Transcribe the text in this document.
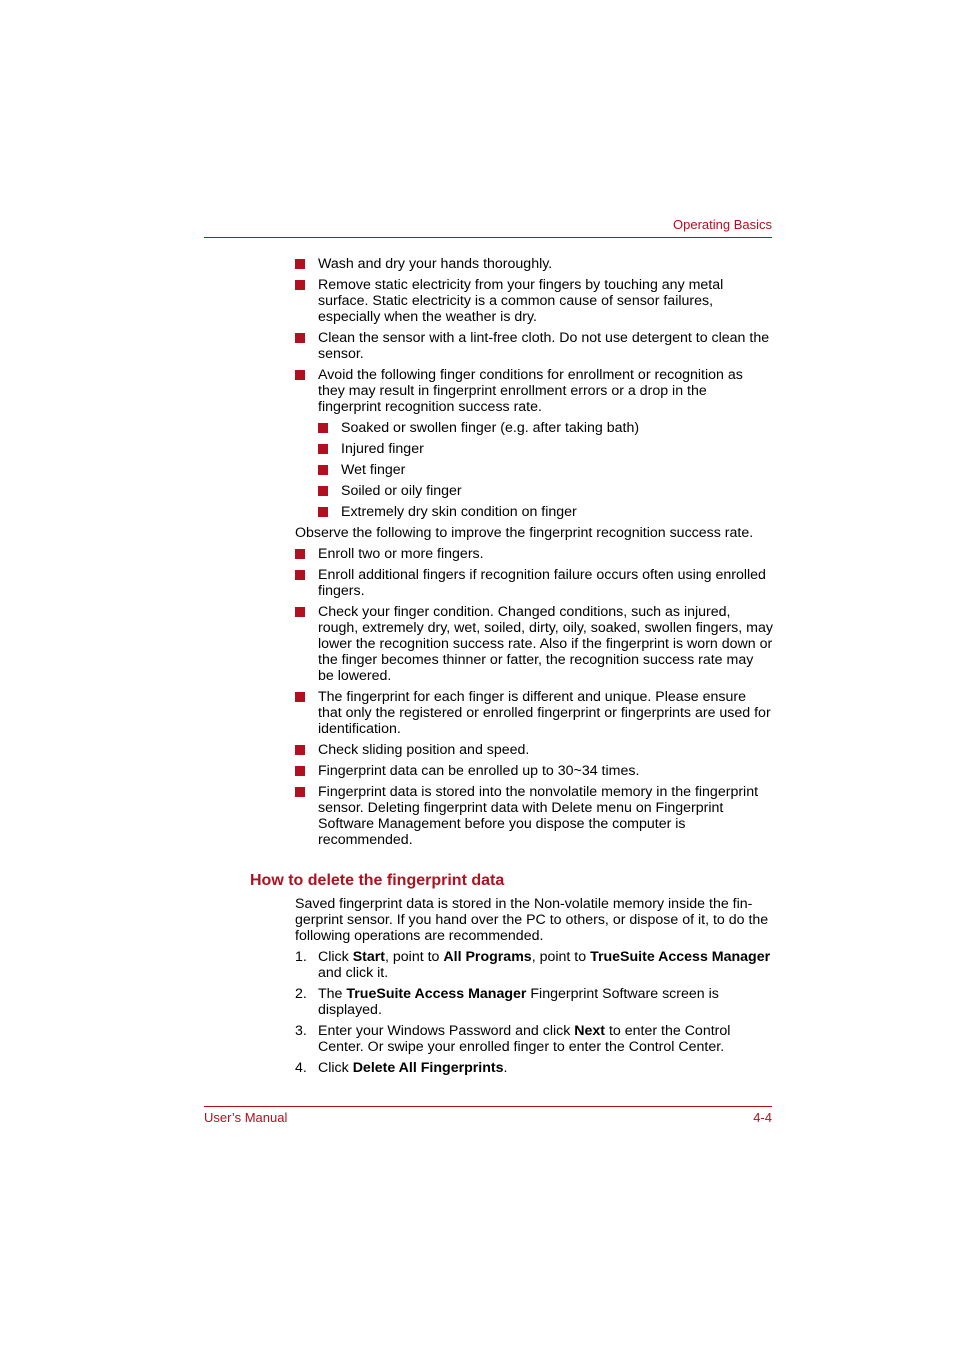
Operating Basics
Wash and dry your hands thoroughly.
Remove static electricity from your fingers by touching any metal surface. Static electricity is a common cause of sensor failures, especially when the weather is dry.
Clean the sensor with a lint-free cloth. Do not use detergent to clean the sensor.
Avoid the following finger conditions for enrollment or recognition as they may result in fingerprint enrollment errors or a drop in the fingerprint recognition success rate.
Soaked or swollen finger (e.g. after taking bath)
Injured finger
Wet finger
Soiled or oily finger
Extremely dry skin condition on finger

Observe the following to improve the fingerprint recognition success rate.

Enroll two or more fingers.
Enroll additional fingers if recognition failure occurs often using enrolled fingers.
Check your finger condition. Changed conditions, such as injured, rough, extremely dry, wet, soiled, dirty, oily, soaked, swollen fingers, may lower the recognition success rate. Also if the fingerprint is worn down or the finger becomes thinner or fatter, the recognition success rate may be lowered.
The fingerprint for each finger is different and unique. Please ensure that only the registered or enrolled fingerprint or fingerprints are used for identification.
Check sliding position and speed.
Fingerprint data can be enrolled up to 30~34 times.
Fingerprint data is stored into the nonvolatile memory in the fingerprint sensor. Deleting fingerprint data with Delete menu on Fingerprint Software Management before you dispose the computer is recommended.
How to delete the fingerprint data

Saved fingerprint data is stored in the Non-volatile memory inside the fin-gerprint sensor. If you hand over the PC to others, or dispose of it, to do the following operations are recommended.

1. Click Start, point to All Programs, point to TrueSuite Access Manager and click it.
2. The TrueSuite Access Manager Fingerprint Software screen is displayed.
3. Enter your Windows Password and click Next to enter the Control Center. Or swipe your enrolled finger to enter the Control Center.
4. Click Delete All Fingerprints.
User’s Manual	4-4
